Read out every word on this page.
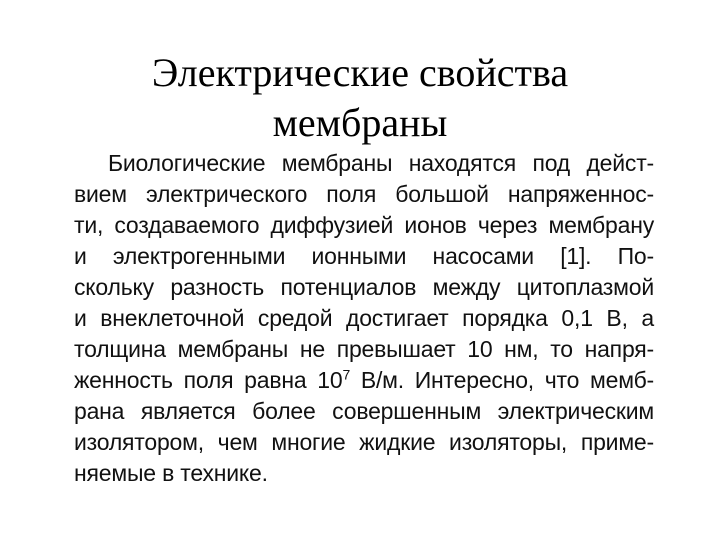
Электрические свойства
мембраны
Биологические мембраны находятся под дейст-
вием электрического поля большой напряженнос-
ти, создаваемого диффузией ионов через мембрану
и электрогенными ионными насосами [1]. По-
скольку разность потенциалов между цитоплазмой
и внеклеточной средой достигает порядка 0,1 В, а
толщина мембраны не превышает 10 нм, то напря-
женность поля равна $10^7$ В/м. Интересно, что мемб-
рана является более совершенным электрическим
изолятором, чем многие жидкие изоляторы, приме-
няемые в технике.
